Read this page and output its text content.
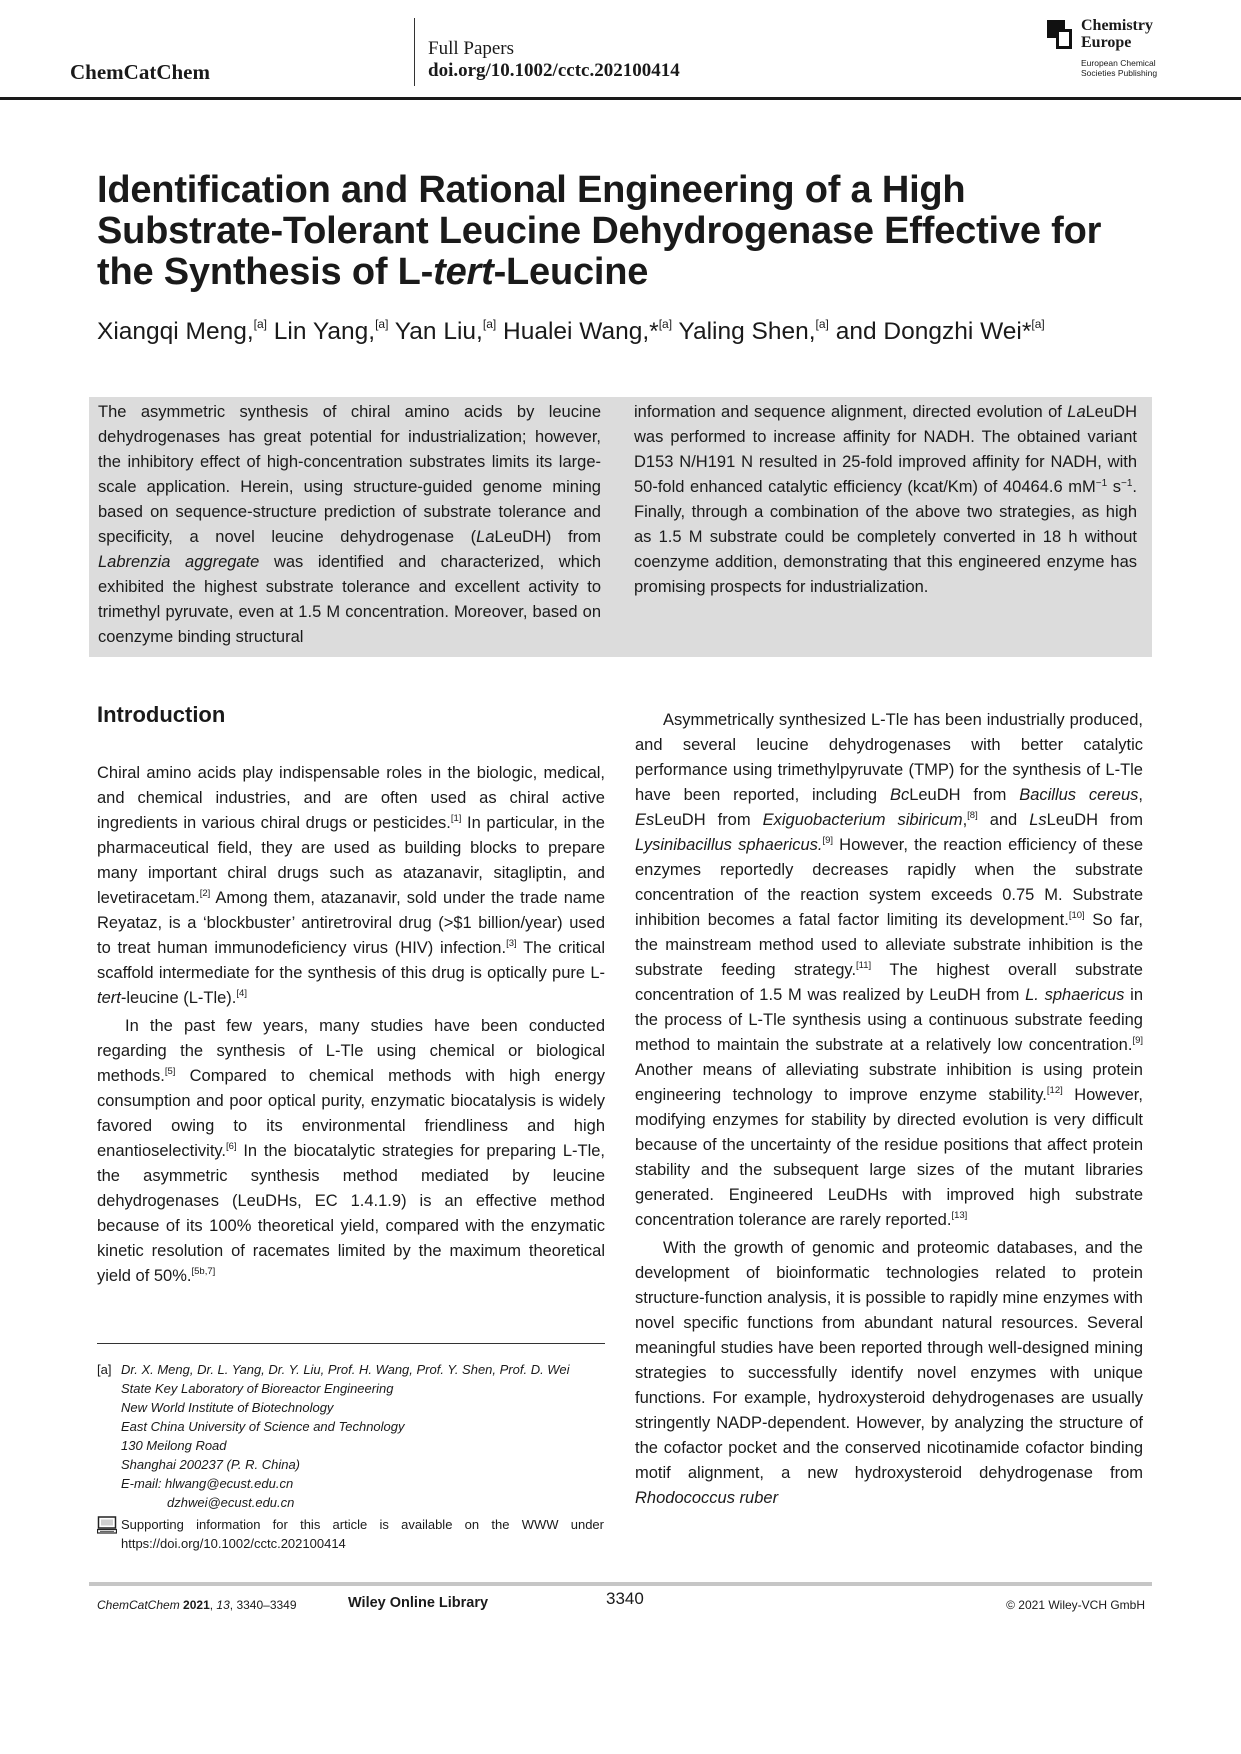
ChemCatChem
Full Papers
doi.org/10.1002/cctc.202100414
Chemistry
Europe
European Chemical
Societies Publishing
Identification and Rational Engineering of a High Substrate-Tolerant Leucine Dehydrogenase Effective for the Synthesis of L-tert-Leucine
Xiangqi Meng,[a] Lin Yang,[a] Yan Liu,[a] Hualei Wang,*[a] Yaling Shen,[a] and Dongzhi Wei*[a]
The asymmetric synthesis of chiral amino acids by leucine dehydrogenases has great potential for industrialization; however, the inhibitory effect of high-concentration substrates limits its large-scale application. Herein, using structure-guided genome mining based on sequence-structure prediction of substrate tolerance and specificity, a novel leucine dehydrogenase (LaLeuDH) from Labrenzia aggregate was identified and characterized, which exhibited the highest substrate tolerance and excellent activity to trimethyl pyruvate, even at 1.5 M concentration. Moreover, based on coenzyme binding structural
information and sequence alignment, directed evolution of LaLeuDH was performed to increase affinity for NADH. The obtained variant D153 N/H191 N resulted in 25-fold improved affinity for NADH, with 50-fold enhanced catalytic efficiency (kcat/Km) of 40464.6 $mM^{-1}$ $s^{-1}$. Finally, through a combination of the above two strategies, as high as 1.5 M substrate could be completely converted in 18 h without coenzyme addition, demonstrating that this engineered enzyme has promising prospects for industrialization.
Introduction

Chiral amino acids play indispensable roles in the biologic, medical, and chemical industries, and are often used as chiral active ingredients in various chiral drugs or pesticides.[1] In particular, in the pharmaceutical field, they are used as building blocks to prepare many important chiral drugs such as atazanavir, sitagliptin, and levetiracetam.[2] Among them, atazanavir, sold under the trade name Reyataz, is a ‘blockbuster’ antiretroviral drug (>$1 billion/year) used to treat human immunodeficiency virus (HIV) infection.[3] The critical scaffold intermediate for the synthesis of this drug is optically pure L-tert-leucine (L-Tle).[4]

In the past few years, many studies have been conducted regarding the synthesis of L-Tle using chemical or biological methods.[5] Compared to chemical methods with high energy consumption and poor optical purity, enzymatic biocatalysis is widely favored owing to its environmental friendliness and high enantioselectivity.[6] In the biocatalytic strategies for preparing L-Tle, the asymmetric synthesis method mediated by leucine dehydrogenases (LeuDHs, EC 1.4.1.9) is an effective method because of its 100% theoretical yield, compared with the enzymatic kinetic resolution of racemates limited by the maximum theoretical yield of 50%.[5b,7]

[a] Dr. X. Meng, Dr. L. Yang, Dr. Y. Liu, Prof. H. Wang, Prof. Y. Shen, Prof. D. Wei
State Key Laboratory of Bioreactor Engineering
New World Institute of Biotechnology
East China University of Science and Technology
130 Meilong Road
Shanghai 200237 (P. R. China)
E-mail: hlwang@ecust.edu.cn
dzhwei@ecust.edu.cn
Supporting information for this article is available on the WWW under https://doi.org/10.1002/cctc.202100414

Asymmetrically synthesized L-Tle has been industrially produced, and several leucine dehydrogenases with better catalytic performance using trimethylpyruvate (TMP) for the synthesis of L-Tle have been reported, including BcLeuDH from Bacillus cereus, EsLeuDH from Exiguobacterium sibiricum,[8] and LsLeuDH from Lysinibacillus sphaericus.[9] However, the reaction efficiency of these enzymes reportedly decreases rapidly when the substrate concentration of the reaction system exceeds 0.75 M. Substrate inhibition becomes a fatal factor limiting its development.[10] So far, the mainstream method used to alleviate substrate inhibition is the substrate feeding strategy.[11] The highest overall substrate concentration of 1.5 M was realized by LeuDH from L. sphaericus in the process of L-Tle synthesis using a continuous substrate feeding method to maintain the substrate at a relatively low concentration.[9] Another means of alleviating substrate inhibition is using protein engineering technology to improve enzyme stability.[12] However, modifying enzymes for stability by directed evolution is very difficult because of the uncertainty of the residue positions that affect protein stability and the subsequent large sizes of the mutant libraries generated. Engineered LeuDHs with improved high substrate concentration tolerance are rarely reported.[13]

With the growth of genomic and proteomic databases, and the development of bioinformatic technologies related to protein structure-function analysis, it is possible to rapidly mine enzymes with novel specific functions from abundant natural resources. Several meaningful studies have been reported through well-designed mining strategies to successfully identify novel enzymes with unique functions. For example, hydroxysteroid dehydrogenases are usually stringently NADP-dependent. However, by analyzing the structure of the cofactor pocket and the conserved nicotinamide cofactor binding motif alignment, a new hydroxysteroid dehydrogenase from Rhodococcus ruber

ChemCatChem 2021, 13, 3340–3349	Wiley Online Library	3340	© 2021 Wiley-VCH GmbH
